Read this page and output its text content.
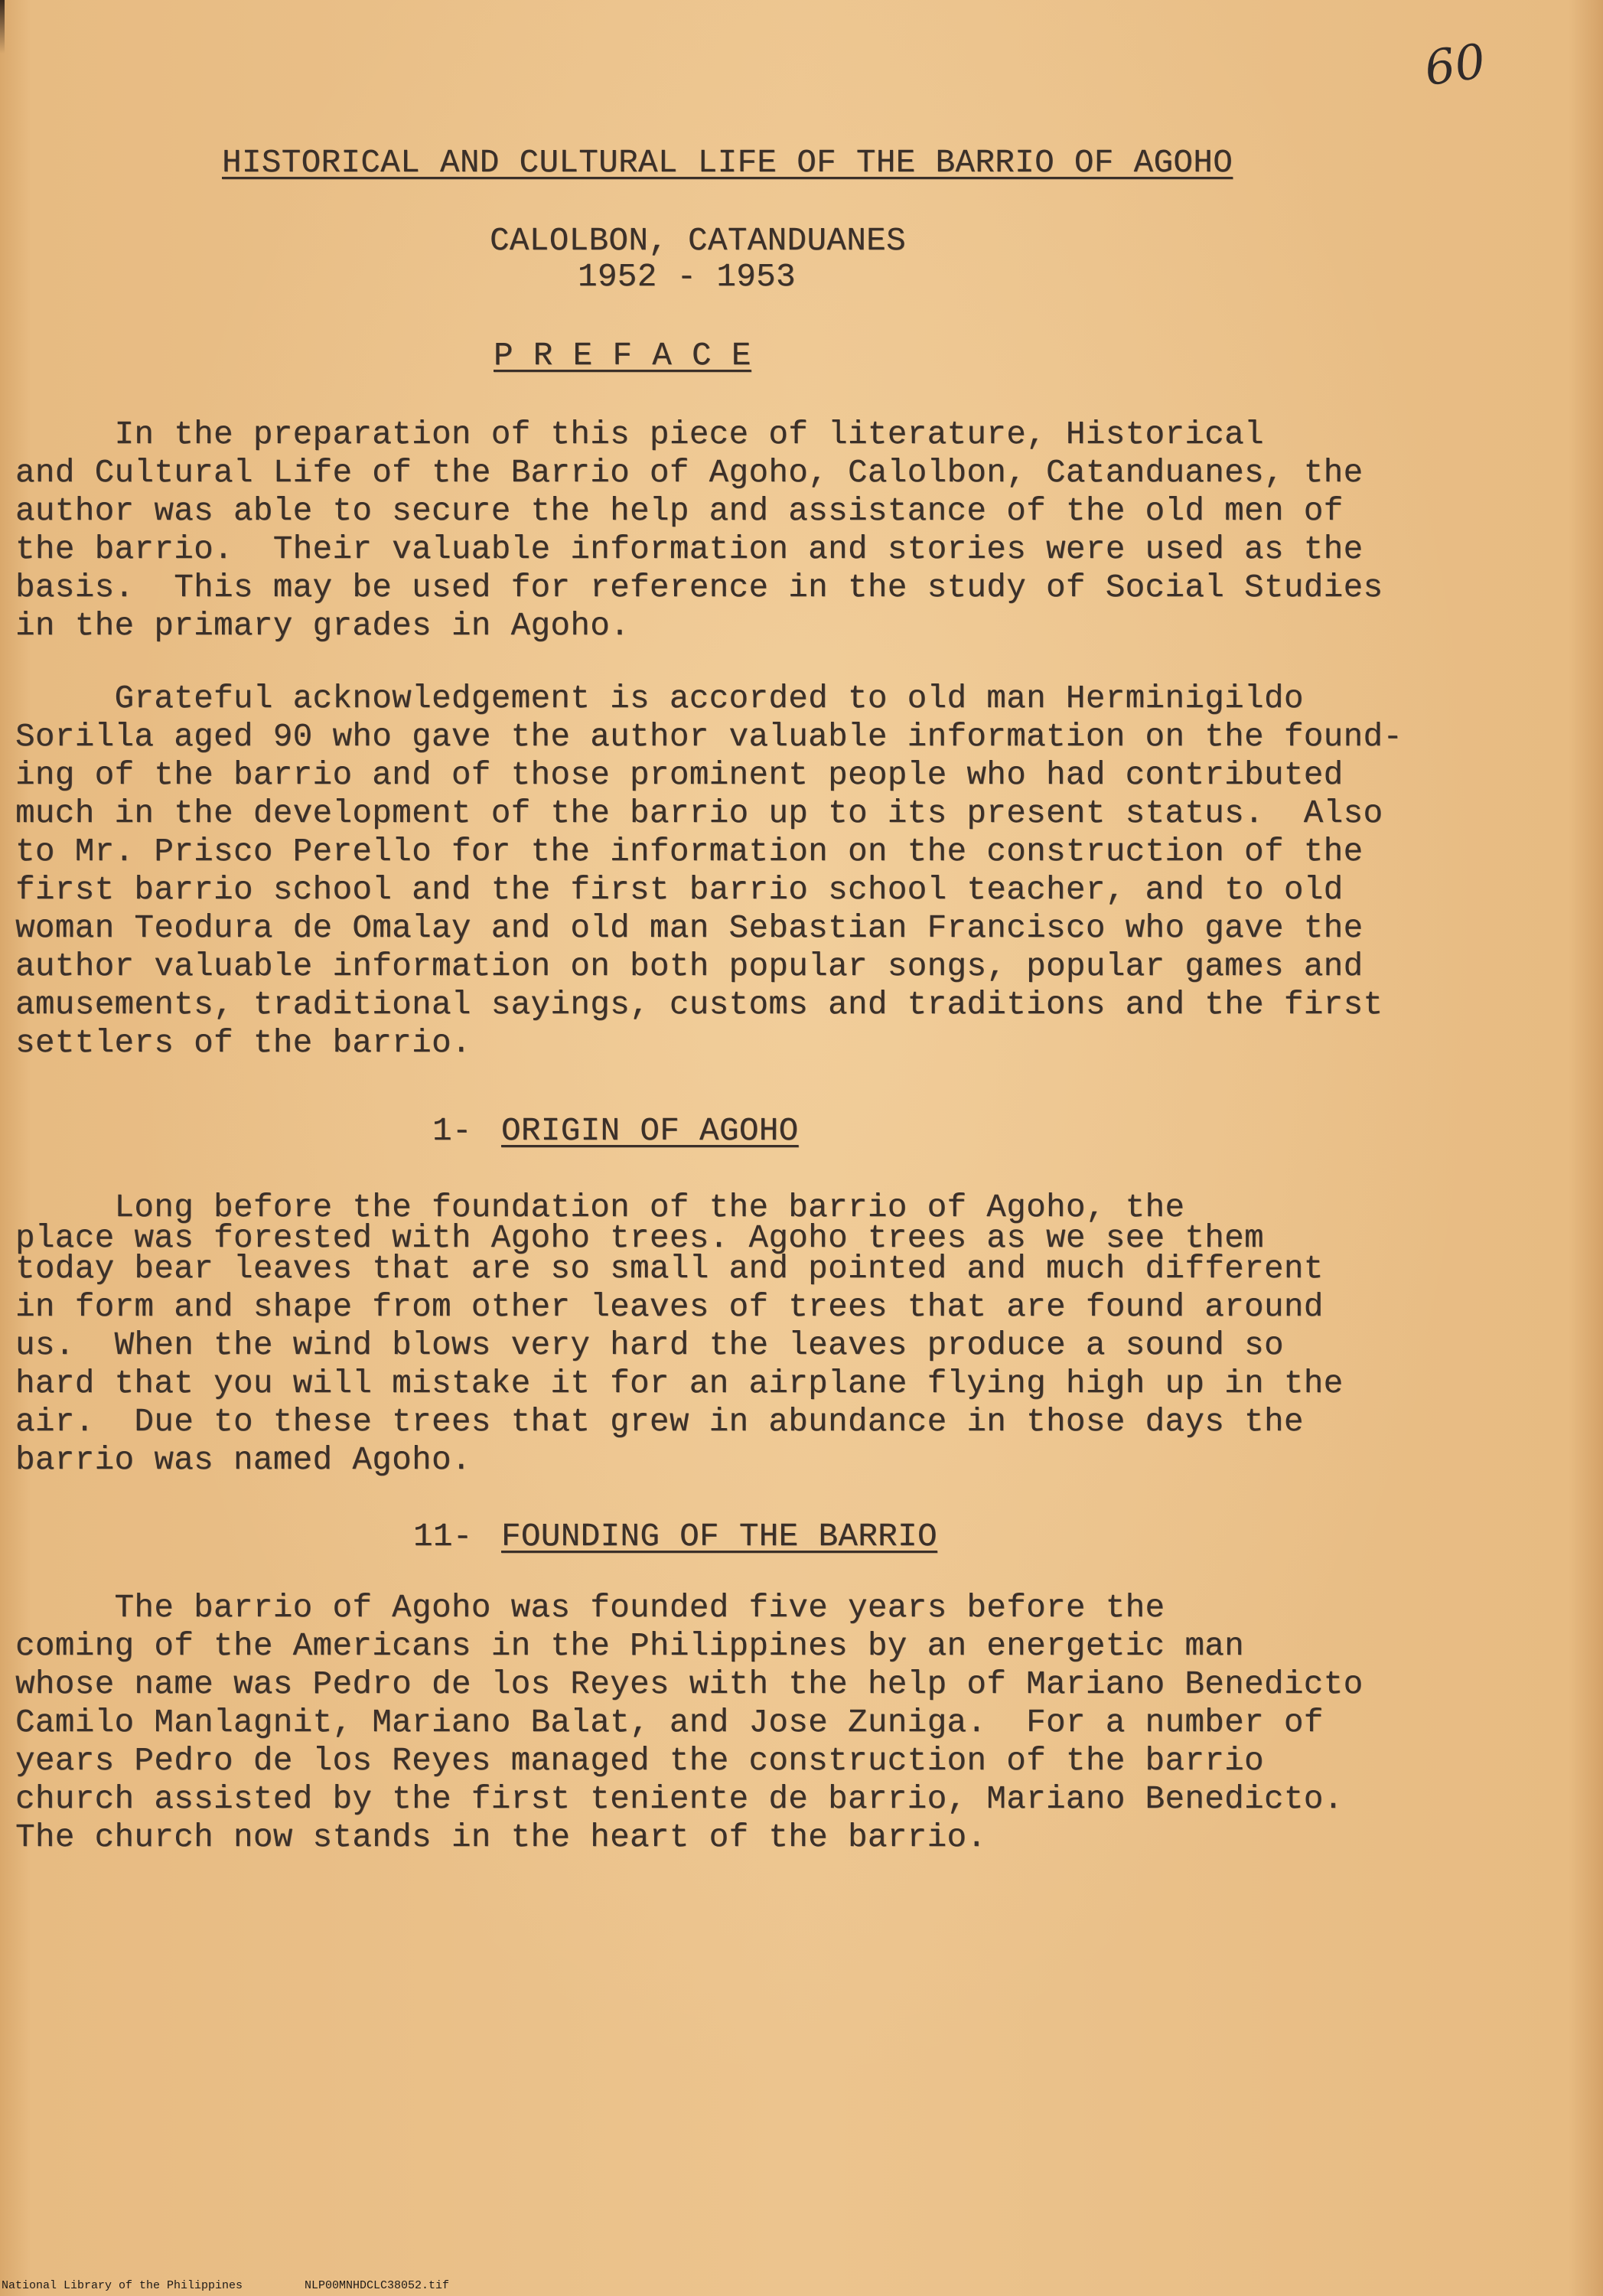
60
HISTORICAL AND CULTURAL LIFE OF THE BARRIO OF AGOHO
CALOLBON, CATANDUANES
1952 - 1953
P R E F A C E
In the preparation of this piece of literature, Historical
and Cultural Life of the Barrio of Agoho, Calolbon, Catanduanes, the
author was able to secure the help and assistance of the old men of
the barrio.  Their valuable information and stories were used as the
basis.  This may be used for reference in the study of Social Studies
in the primary grades in Agoho.
Grateful acknowledgement is accorded to old man Herminigildo
Sorilla aged 90 who gave the author valuable information on the found-
ing of the barrio and of those prominent people who had contributed
much in the development of the barrio up to its present status.  Also
to Mr. Prisco Perello for the information on the construction of the
first barrio school and the first barrio school teacher, and to old
woman Teodura de Omalay and old man Sebastian Francisco who gave the
author valuable information on both popular songs, popular games and
amusements, traditional sayings, customs and traditions and the first
settlers of the barrio.
1- ORIGIN OF AGOHO
Long before the foundation of the barrio of Agoho, the
place was forested with Agoho trees. Agoho trees as we see them
today bear leaves that are so small and pointed and much different
in form and shape from other leaves of trees that are found around
us.  When the wind blows very hard the leaves produce a sound so
hard that you will mistake it for an airplane flying high up in the
air.  Due to these trees that grew in abundance in those days the
barrio was named Agoho.
11- FOUNDING OF THE BARRIO
The barrio of Agoho was founded five years before the
coming of the Americans in the Philippines by an energetic man
whose name was Pedro de los Reyes with the help of Mariano Benedicto
Camilo Manlagnit, Mariano Balat, and Jose Zuniga.  For a number of
years Pedro de los Reyes managed the construction of the barrio
church assisted by the first teniente de barrio, Mariano Benedicto.
The church now stands in the heart of the barrio.
National Library of the Philippines	NLP00MNHDCLC38052.tif
